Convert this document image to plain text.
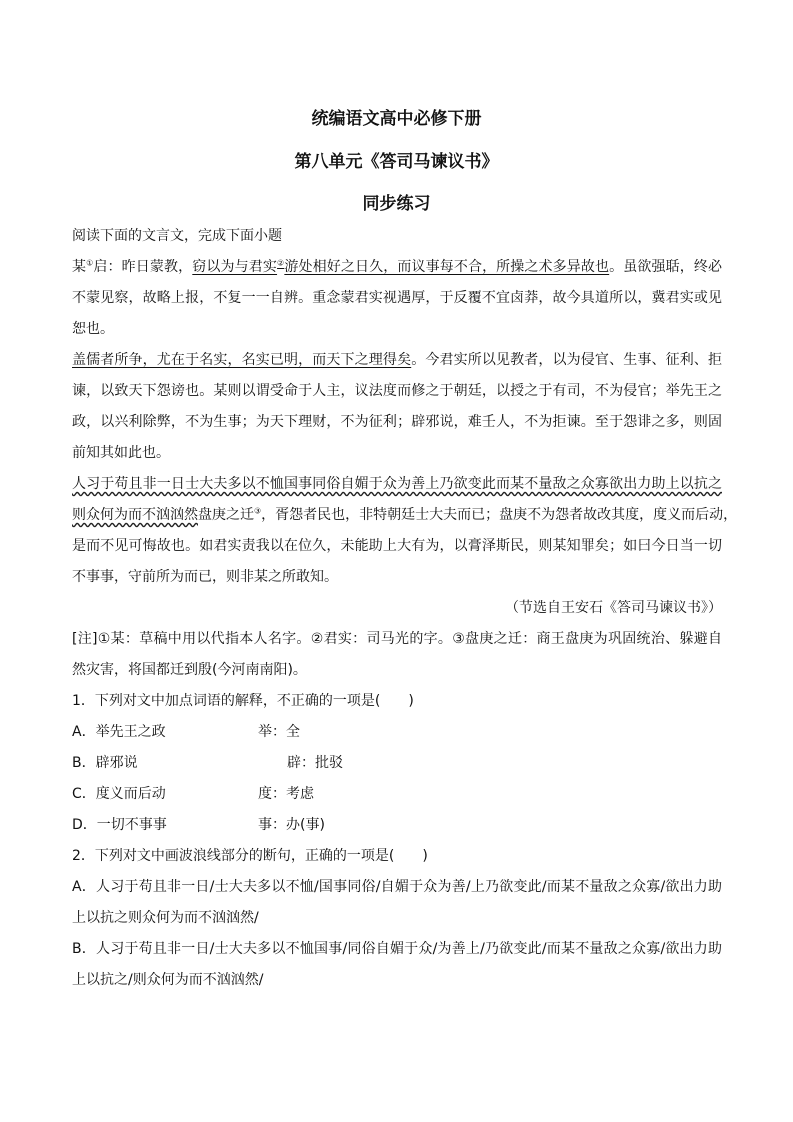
统编语文高中必修下册
第八单元《答司马谏议书》
同步练习
阅读下面的文言文，完成下面小题
某①启：昨日蒙教，窃以为与君实②游处相好之日久，而议事每不合，所操之术多异故也。虽欲强聒，终必
不蒙见察，故略上报，不复一一自辨。重念蒙君实视遇厚，于反覆不宜卤莽，故今具道所以，冀君实或见
恕也。
盖儒者所争，尤在于名实，名实已明，而天下之理得矣。今君实所以见教者，以为侵官、生事、征利、拒
谏，以致天下怨谤也。某则以谓受命于人主，议法度而修之于朝廷，以授之于有司，不为侵官；举先王之
政，以兴利除弊，不为生事；为天下理财，不为征利；辟邪说，难壬人，不为拒谏。至于怨诽之多，则固
前知其如此也。
人习于苟且非一日士大夫多以不恤国事同俗自媚于众为善上乃欲变此而某不量敌之众寡欲出力助上以抗之
则众何为而不汹汹然盘庚之迁③，胥怨者民也，非特朝廷士大夫而已；盘庚不为怨者故改其度，度义而后动，
是而不见可悔故也。如君实责我以在位久，未能助上大有为，以膏泽斯民，则某知罪矣；如曰今日当一切
不事事，守前所为而已，则非某之所敢知。
（节选自王安石《答司马谏议书》）
[注]①某：草稿中用以代指本人名字。②君实：司马光的字。③盘庚之迁：商王盘庚为巩固统治、躲避自
然灾害，将国都迁到殷(今河南南阳)。
1．下列对文中加点词语的解释，不正确的一项是(　　)
A．举先王之政	举：全
B．辟邪说	辟：批驳
C．度义而后动	度：考虑
D．一切不事事	事：办(事)
2．下列对文中画波浪线部分的断句，正确的一项是(　　)
A．人习于苟且非一日/士大夫多以不恤/国事同俗/自媚于众为善/上乃欲变此/而某不量敌之众寡/欲出力助
上以抗之则众何为而不汹汹然/
B．人习于苟且非一日/士大夫多以不恤国事/同俗自媚于众/为善上/乃欲变此/而某不量敌之众寡/欲出力助
上以抗之/则众何为而不汹汹然/
